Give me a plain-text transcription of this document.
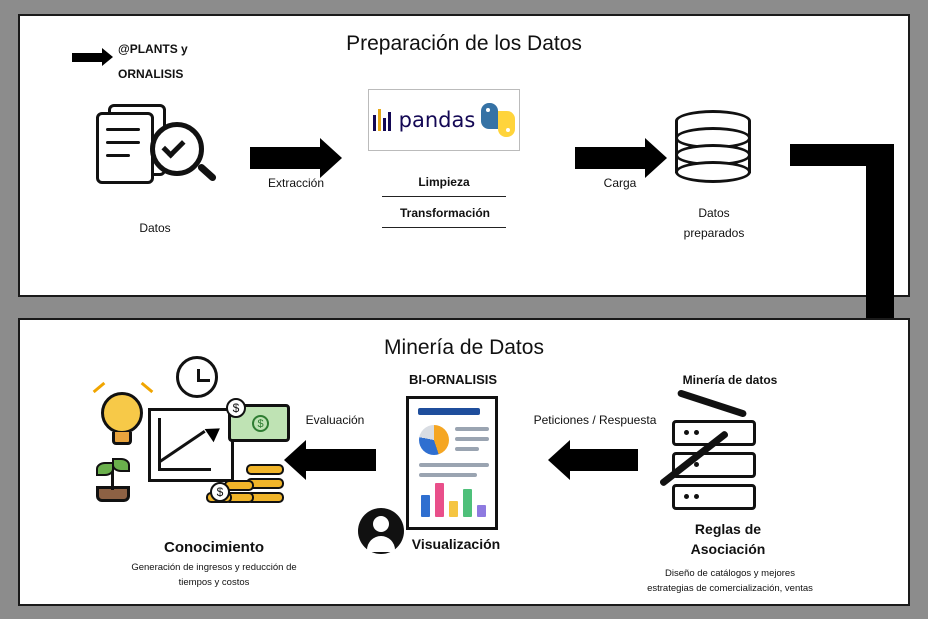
Preparación de los Datos
@PLANTS y
ORNALISIS
Datos
Extracción
pandas
Limpieza
Transformación
Carga
Datos
preparados
Minería de Datos
Minería de datos
Reglas de
Asociación
Diseño de catálogos y mejores
estrategias de comercialización, ventas
Peticiones / Respuesta
BI-ORNALISIS
Visualización
Evaluación
$
$
$
Conocimiento
Generación de ingresos y reducción de
tiempos y costos
